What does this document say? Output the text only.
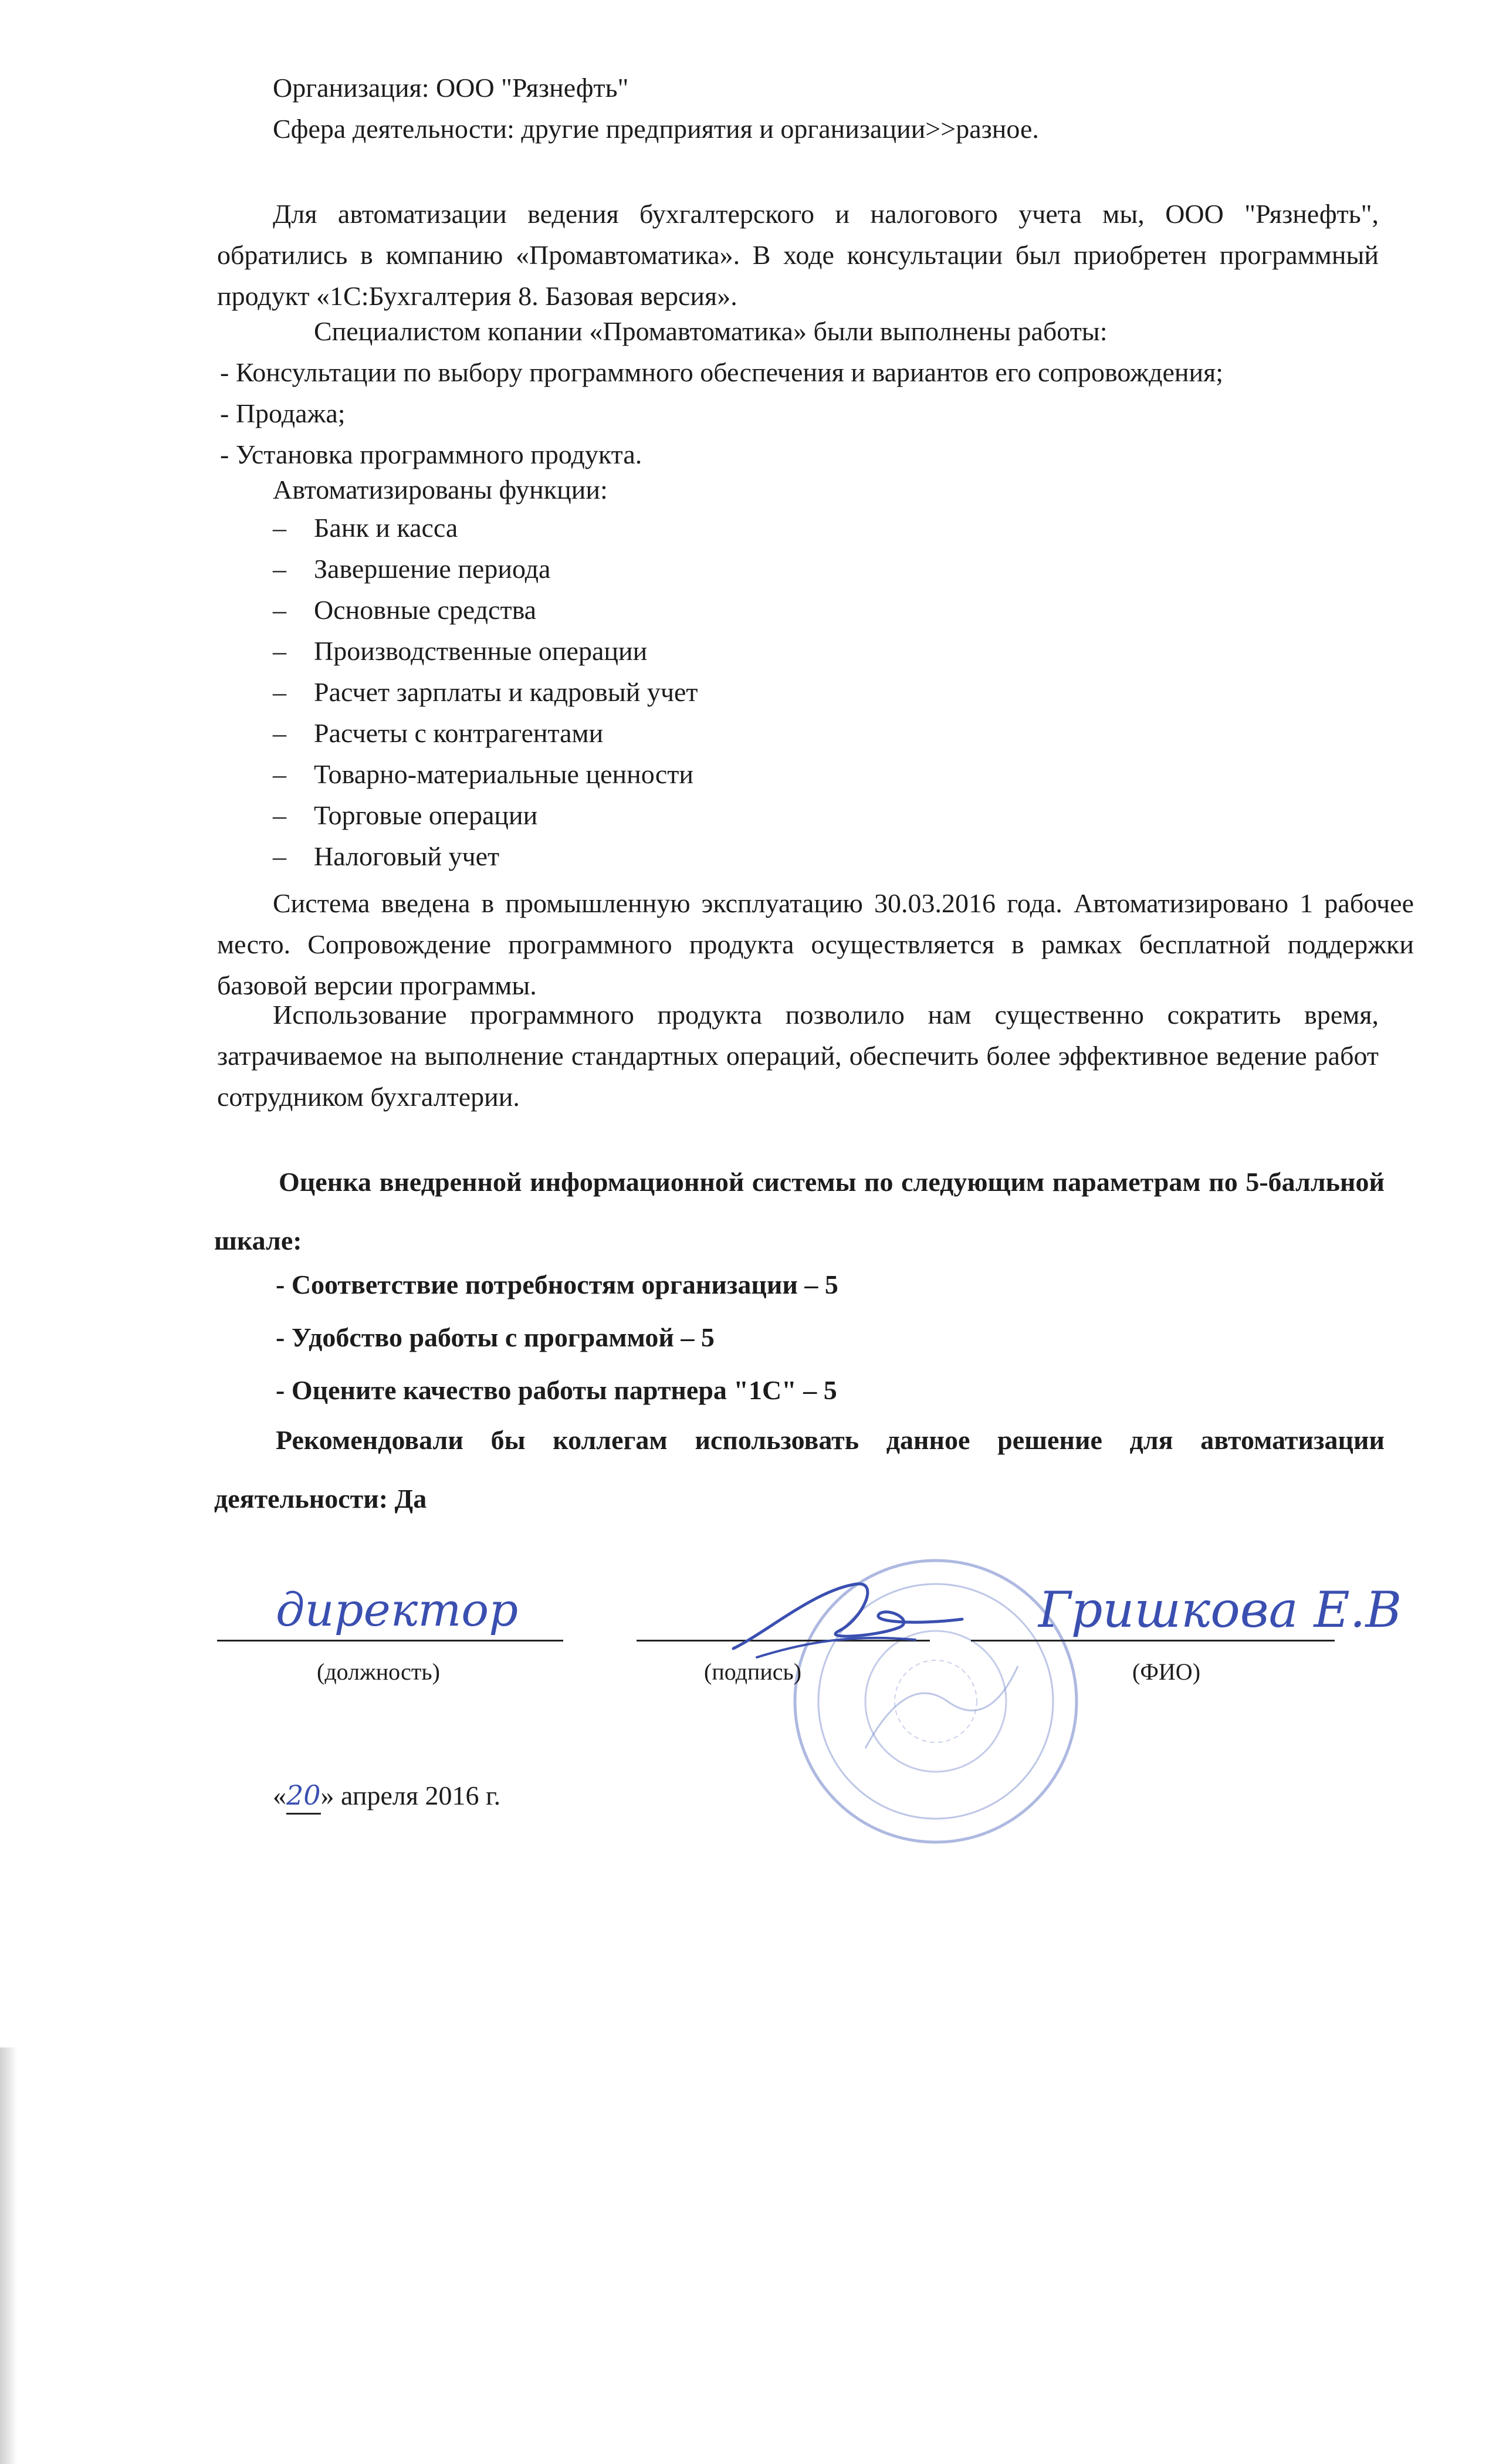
Организация: ООО "Рязнефть"
Сфера деятельности: другие предприятия и организации>>разное.
Для автоматизации ведения бухгалтерского и налогового учета мы, ООО "Рязнефть", обратились в компанию «Промавтоматика». В ходе консультации был приобретен программный продукт «1С:Бухгалтерия 8. Базовая версия».
Специалистом копании «Промавтоматика» были выполнены работы:
- Консультации по выбору программного обеспечения и вариантов его сопровождения;
- Продажа;
- Установка программного продукта.
Автоматизированы функции:
–	Банк и касса
–	Завершение периода
–	Основные средства
–	Производственные операции
–	Расчет зарплаты и кадровый учет
–	Расчеты с контрагентами
–	Товарно-материальные ценности
–	Торговые операции
–	Налоговый учет
Система введена в промышленную эксплуатацию 30.03.2016 года. Автоматизировано 1 рабочее место. Сопровождение программного продукта осуществляется в рамках бесплатной поддержки базовой версии программы.
Использование программного продукта позволило нам существенно сократить время, затрачиваемое на выполнение стандартных операций, обеспечить более эффективное ведение работ сотрудником бухгалтерии.
Оценка внедренной информационной системы по следующим параметрам по 5-балльной шкале:
- Соответствие потребностям организации – 5
- Удобство работы с программой – 5
- Оцените качество работы партнера "1С" – 5
Рекомендовали бы коллегам использовать данное решение для автоматизации деятельности: Да
директор	Гришкова Е.В
(должность)	(подпись)	(ФИО)
«20» апреля 2016 г.
